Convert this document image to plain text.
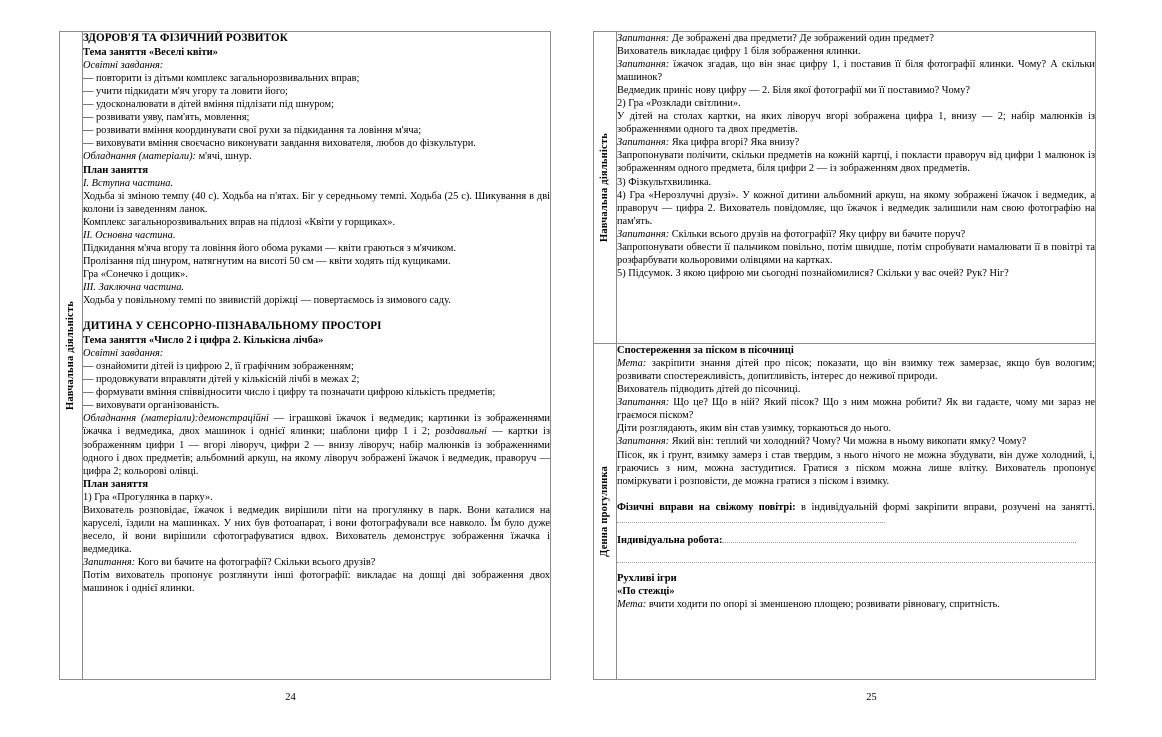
Навчальна діяльність

ЗДОРОВ'Я ТА ФІЗИЧНИЙ РОЗВИТОК

Тема заняття «Веселі квіти»

Освітні завдання:

— повторити із дітьми комплекс загальнорозвивальних вправ;

— учити підкидати м'яч угору та ловити його;

— удосконалювати в дітей вміння підлізати під шнуром;

— розвивати уяву, пам'ять, мовлення;

— розвивати вміння координувати свої рухи за підкидання та ловіння м'яча;

— виховувати вміння своєчасно виконувати завдання вихователя, любов до фізкультури.

Обладнання (матеріали): м'ячі, шнур.

План заняття

I. Вступна частина.

Ходьба зі зміною темпу (40 с). Ходьба на п'ятах. Біг у середньому темпі. Ходьба (25 с). Шикування в дві колони із заведенням ланок.

Комплекс загальнорозвивальних вправ на підлозі «Квіти у горщиках».

II. Основна частина.

Підкидання м'яча вгору та ловіння його обома руками — квіти граються з м'ячиком.

Пролізання під шнуром, натягнутим на висоті 50 см — квіти ходять під кущиками.

Гра «Сонечко і дощик».

III. Заключна частина.

Ходьба у повільному темпі по звивистій доріжці — повертаємось із зимового саду.

ДИТИНА У СЕНСОРНО-ПІЗНАВАЛЬНОМУ ПРОСТОРІ

Тема заняття «Число 2 і цифра 2. Кількісна лічба»

Освітні завдання:

— ознайомити дітей із цифрою 2, її графічним зображенням;

— продовжувати вправляти дітей у кількісній лічбі в межах 2;

— формувати вміння співвідносити число і цифру та позначати цифрою кількість предметів;

— виховувати організованість.

Обладнання (матеріали):демонстраційні — іграшкові їжачок і ведмедик; картинки із зображеннями їжачка і ведмедика, двох машинок і однієї ялинки; шаблони цифр 1 і 2; роздавальні — картки із зображенням цифри 1 — вгорі ліворуч, цифри 2 — внизу ліворуч; набір малюнків із зображеннями одного і двох предметів; альбомний аркуш, на якому ліворуч зображені їжачок і ведмедик, праворуч — цифра 2; кольорові олівці.

План заняття

1) Гра «Прогулянка в парку».

Вихователь розповідає, їжачок і ведмедик вирішили піти на прогулянку в парк. Вони каталися на каруселі, їздили на машинках. У них був фотоапарат, і вони фотографували все навколо. Їм було дуже весело, й вони вирішили сфотографуватися вдвох. Вихователь демонструє зображення їжачка і ведмедика.

Запитання: Кого ви бачите на фотографії? Скільки всього друзів?

Потім вихователь пропонує розглянути інші фотографії: викладає на дошці дві зображення двох машинок і однієї ялинки.

24
Навчальна діяльність

Запитання: Де зображені два предмети? Де зображений один предмет?

Вихователь викладає цифру 1 біля зображення ялинки.

Запитання: їжачок згадав, що він знає цифру 1, і поставив її біля фотографії ялинки. Чому? А скільки машинок?

Ведмедик приніс нову цифру — 2. Біля якої фотографії ми її поставимо? Чому?

2) Гра «Розклади світлини».

У дітей на столах картки, на яких ліворуч вгорі зображена цифра 1, внизу — 2; набір малюнків із зображеннями одного та двох предметів.

Запитання: Яка цифра вгорі? Яка внизу?

Запропонувати полічити, скільки предметів на кожній картці, і покласти праворуч від цифри 1 малюнок із зображенням одного предмета, біля цифри 2 — із зображенням двох предметів.

3) Фізкультхвилинка.

4) Гра «Нерозлучні друзі». У кожної дитини альбомний аркуш, на якому зображені їжачок і ведмедик, а праворуч — цифра 2. Вихователь повідомляє, що їжачок і ведмедик залишили нам свою фотографію на пам'ять.

Запитання: Скільки всього друзів на фотографії? Яку цифру ви бачите поруч?

Запропонувати обвести її пальчиком повільно, потім швидше, потім спробувати намалювати її в повітрі та розфарбувати кольоровими олівцями на картках.

5) Підсумок. З якою цифрою ми сьогодні познайомилися? Скільки у вас очей? Рук? Ніг?

Денна прогулянка

Спостереження за піском в пісочниці

Мета: закріпити знання дітей про пісок; показати, що він взимку теж замерзає, якщо був вологим; розвивати спостережливість, допитливість, інтерес до неживої природи.

Вихователь підводить дітей до пісочниці.

Запитання: Що це? Що в ній? Який пісок? Що з ним можна робити? Як ви гадаєте, чому ми зараз не граємося піском?

Діти розглядають, яким він став узимку, торкаються до нього.

Запитання: Який він: теплий чи холодний? Чому? Чи можна в ньому викопати ямку? Чому?

Пісок, як і ґрунт, взимку замерз і став твердим, з нього нічого не можна збудувати, він дуже холодний, і, граючись з ним, можна застудитися. Гратися з піском можна лише влітку. Вихователь пропонує поміркувати і розповісти, де можна гратися з піском і взимку.

Фізичні вправи на свіжому повітрі: в індивідуальній формі закріпити вправи, розучені на занятті.

Індивідуальна робота:

Рухливі ігри

«По стежці»

Мета: вчити ходити по опорі зі зменшеною площею; розвивати рівновагу, спритність.

25
